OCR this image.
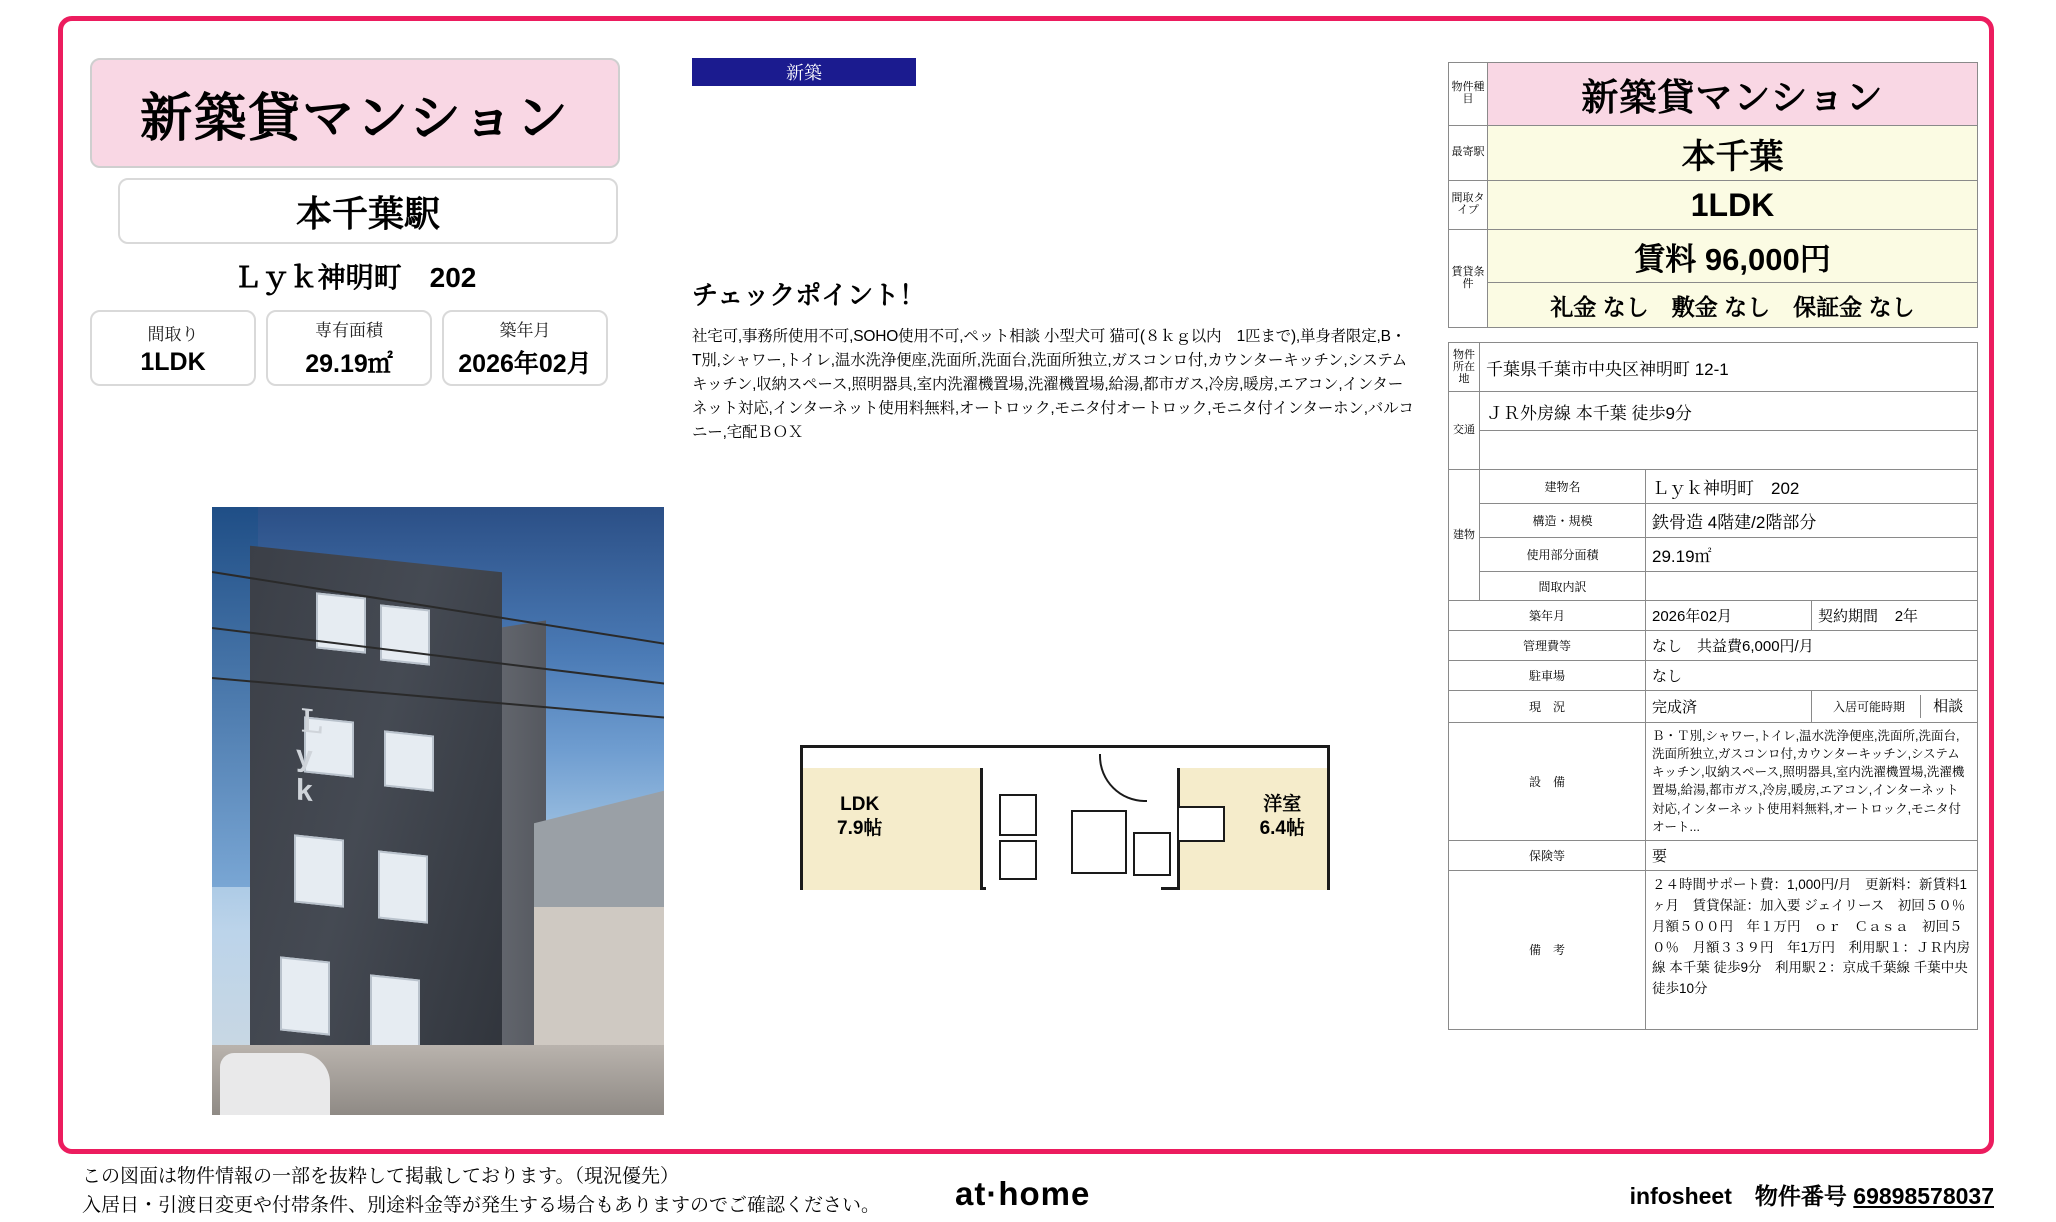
新築貸マンション
本千葉駅
Ｌｙｋ神明町　202
間取り
1LDK
専有面積
29.19㎡
築年月
2026年02月
Ｌ
y
k
新築
チェックポイント！
社宅可,事務所使用不可,SOHO使用不可,ペット相談 小型犬可 猫可(８ｋｇ以内　1匹まで),単身者限定,B・T別,シャワー,トイレ,温水洗浄便座,洗面所,洗面台,洗面所独立,ガスコンロ付,カウンターキッチン,システムキッチン,収納スペース,照明器具,室内洗濯機置場,洗濯機置場,給湯,都市ガス,冷房,暖房,エアコン,インターネット対応,インターネット使用料無料,オートロック,モニタ付オートロック,モニタ付インターホン,バルコニー,宅配ＢＯＸ
LDK
7.9帖
洋室
6.4帖
物件種目	新築貸マンション

最寄駅	本千葉

間取タイプ	1LDK

賃貸条件	賃料 96,000円
	礼金 なし　敷金 なし　保証金 なし
物件所在地	千葉県千葉市中央区神明町 12-1		

交通	ＪＲ外房線 本千葉 徒歩9分		

建物	建物名	Ｌｙｋ神明町　202	
	構造・規模	鉄骨造 4階建/2階部分	
	使用部分面積	29.19㎡	
	間取内訳		
築年月		2026年02月	契約期間 2年
管理費等		なし　共益費6,000円/月	
駐車場		なし	
現　況		完成済	入居可能時期 相談
設　備		Ｂ・Ｔ別,シャワー,トイレ,温水洗浄便座,洗面所,洗面台,洗面所独立,ガスコンロ付,カウンターキッチン,システムキッチン,収納スペース,照明器具,室内洗濯機置場,洗濯機置場,給湯,都市ガス,冷房,暖房,エアコン,インターネット対応,インターネット使用料無料,オートロック,モニタ付オート...	
保険等		要	
備　考		２４時間サポート費：1,000円/月　更新料：新賃料1ヶ月　賃貸保証：加入要 ジェイリース　初回５０％　月額５００円　年１万円　ｏｒ　Ｃａｓａ　初回５０％　月額３３９円　年1万円　利用駅１：ＪＲ内房線 本千葉 徒歩9分　利用駅２：京成千葉線 千葉中央 徒歩10分	
この図面は物件情報の一部を抜粋して掲載しております。（現況優先）
入居日・引渡日変更や付帯条件、別途料金等が発生する場合もありますのでご確認ください。 at·home	infosheet　物件番号 69898578037
